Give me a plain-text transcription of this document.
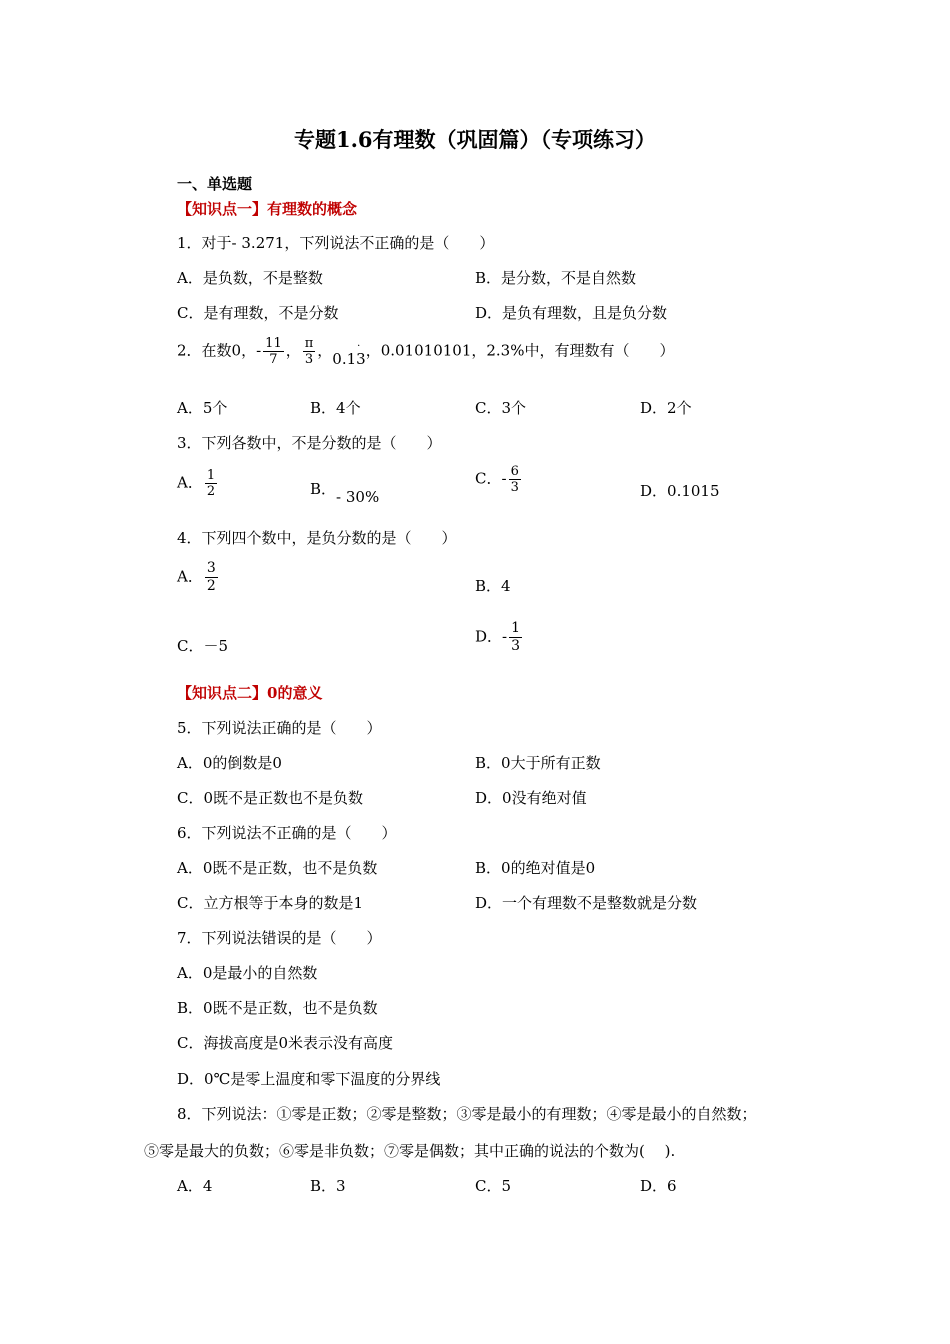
专题1.6有理数（巩固篇）（专项练习）
一、单选题
【知识点一】有理数的概念
1．对于- 3.271，下列说法不正确的是（　　）
A．是负数，不是整数	B．是分数，不是自然数
C．是有理数，不是分数	D．是负有理数，且是负分数
2．在数0，- $\frac{11}{7}$ ， $\frac{\pi}{3}$ ，0.1
·
3，0.01010101，2.3%中，有理数有（　　）
A．5个	B．4个	C．3个	D．2个
3．下列各数中，不是分数的是（　　）
A． $\frac{1}{2}$	B．- 30%
C．- $\frac{6}{3}$	D．0.1015
4．下列四个数中，是负分数的是（　　）
A． $\frac{3}{2}$	B．4
C．－5
D．- $\frac{1}{3}$
【知识点二】0的意义
5．下列说法正确的是（　　）
A．0的倒数是0	B．0大于所有正数
C．0既不是正数也不是负数	D．0没有绝对值
6．下列说法不正确的是（　　）
A．0既不是正数，也不是负数	B．0的绝对值是0
C．立方根等于本身的数是1	D．一个有理数不是整数就是分数
7．下列说法错误的是（　　）
A．0是最小的自然数
B．0既不是正数，也不是负数
C．海拔高度是0米表示没有高度
D．0℃是零上温度和零下温度的分界线
8．下列说法：①零是正数；②零是整数；③零是最小的有理数；④零是最小的自然数；
⑤零是最大的负数；⑥零是非负数；⑦零是偶数；其中正确的说法的个数为(　 ).
A．4	B．3	C．5	D．6
